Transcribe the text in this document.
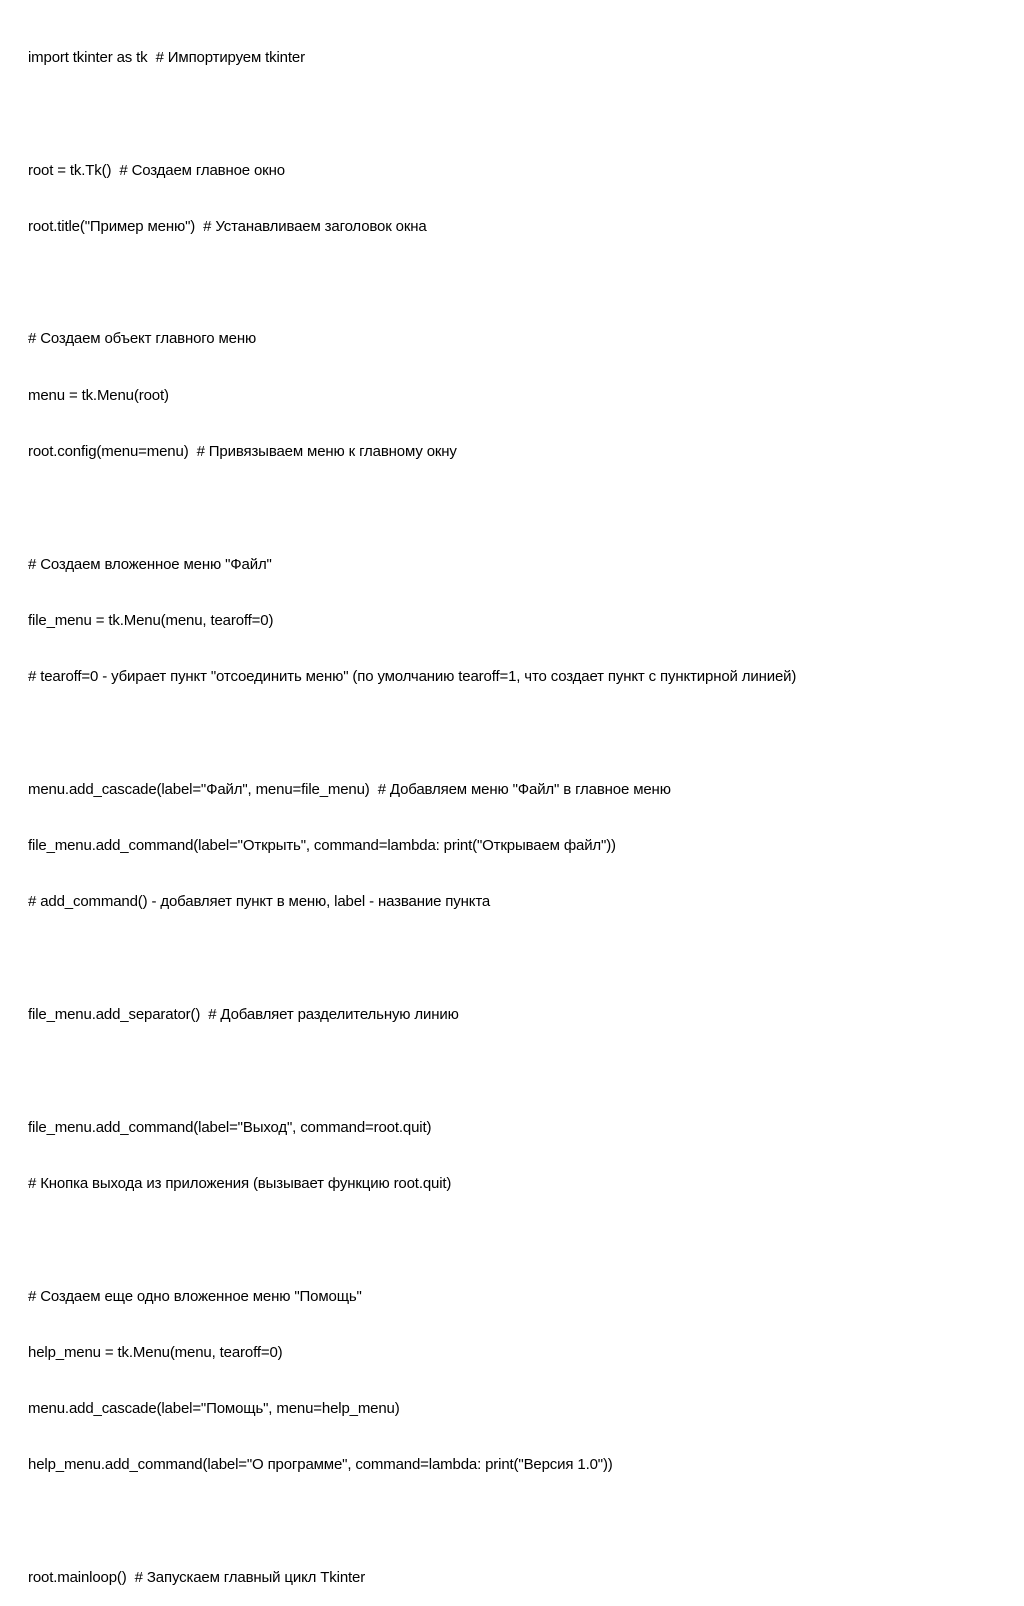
import tkinter as tk  # Импортируем tkinter

root = tk.Tk()  # Создаем главное окно

root.title("Пример меню")  # Устанавливаем заголовок окна

# Создаем объект главного меню

menu = tk.Menu(root)

root.config(menu=menu)  # Привязываем меню к главному окну

# Создаем вложенное меню "Файл"

file_menu = tk.Menu(menu, tearoff=0)

# tearoff=0 - убирает пункт "отсоединить меню" (по умолчанию tearoff=1, что создает пункт с пунктирной линией)

menu.add_cascade(label="Файл", menu=file_menu)  # Добавляем меню "Файл" в главное меню

file_menu.add_command(label="Открыть", command=lambda: print("Открываем файл"))

# add_command() - добавляет пункт в меню, label - название пункта

file_menu.add_separator()  # Добавляет разделительную линию

file_menu.add_command(label="Выход", command=root.quit)

# Кнопка выхода из приложения (вызывает функцию root.quit)

# Создаем еще одно вложенное меню "Помощь"

help_menu = tk.Menu(menu, tearoff=0)

menu.add_cascade(label="Помощь", menu=help_menu)

help_menu.add_command(label="О программе", command=lambda: print("Версия 1.0"))

root.mainloop()  # Запускаем главный цикл Tkinter
